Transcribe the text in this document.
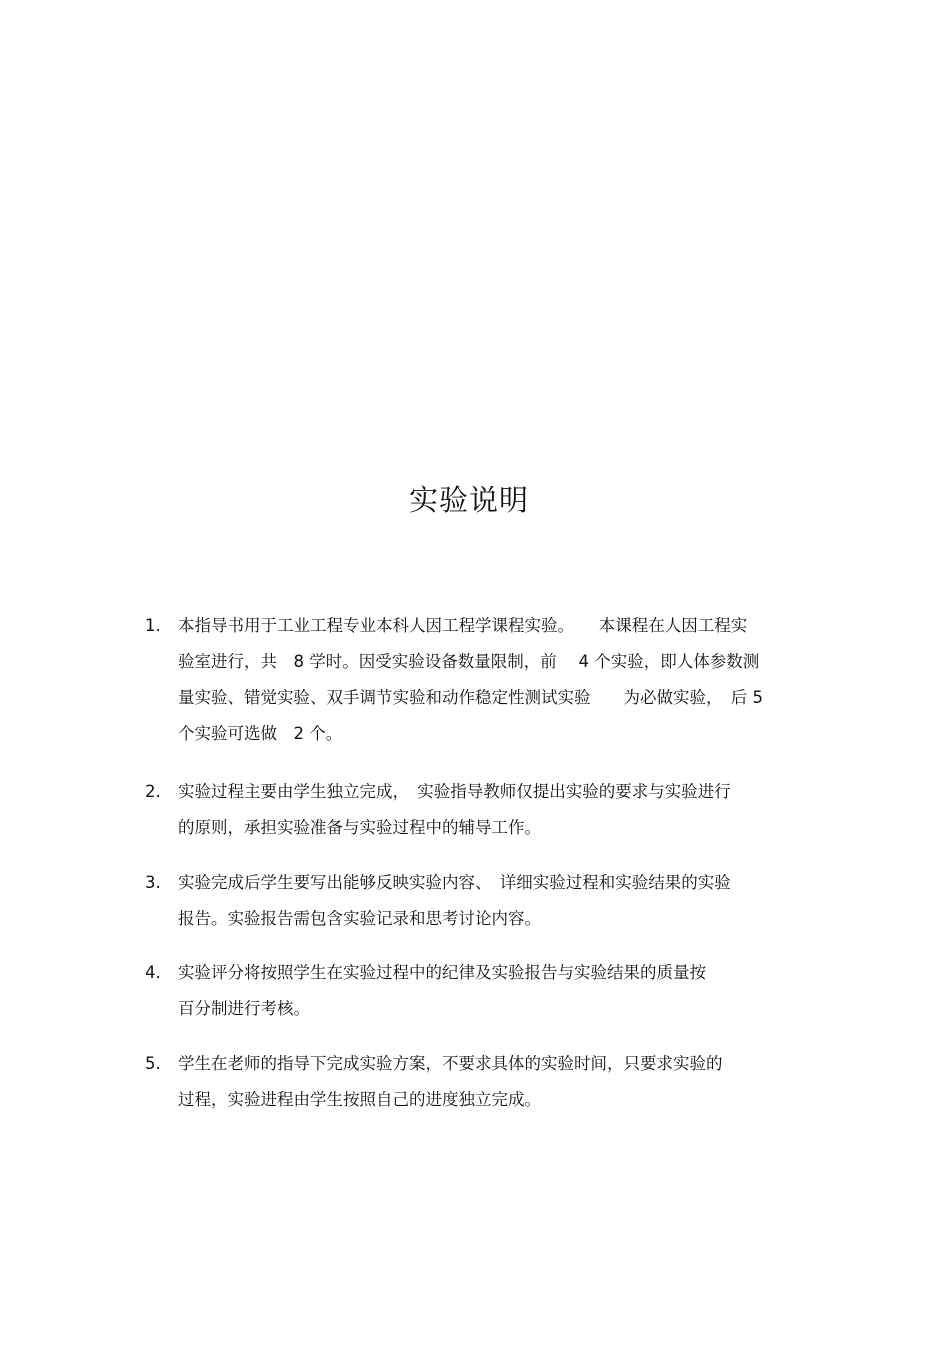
实验说明
1.	本指导书用于工业工程专业本科人因工程学课程实验。　　本课程在人因工程实
验室进行，共　8 学时。因受实验设备数量限制，前　 4 个实验，即人体参数测
量实验、错觉实验、双手调节实验和动作稳定性测试实验　　为必做实验，　后 5
个实验可选做　2 个。
2.	实验过程主要由学生独立完成，　实验指导教师仅提出实验的要求与实验进行
的原则，承担实验准备与实验过程中的辅导工作。
3.	实验完成后学生要写出能够反映实验内容、　详细实验过程和实验结果的实验
报告。实验报告需包含实验记录和思考讨论内容。
4.	实验评分将按照学生在实验过程中的纪律及实验报告与实验结果的质量按
百分制进行考核。
5.	学生在老师的指导下完成实验方案，不要求具体的实验时间，只要求实验的
过程，实验进程由学生按照自己的进度独立完成。
